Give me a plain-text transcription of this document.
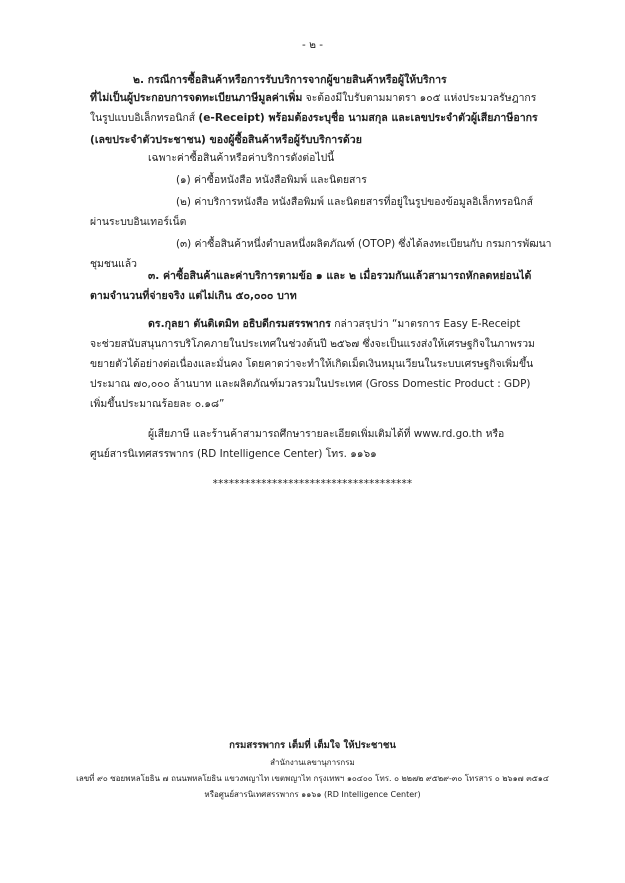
- ๒ -
๒. กรณีการซื้อสินค้าหรือการรับบริการจากผู้ขายสินค้าหรือผู้ให้บริการ
ที่ไม่เป็นผู้ประกอบการจดทะเบียนภาษีมูลค่าเพิ่ม จะต้องมีใบรับตามมาตรา ๑๐๕ แห่งประมวลรัษฎากร
ในรูปแบบอิเล็กทรอนิกส์ (e-Receipt) พร้อมต้องระบุชื่อ นามสกุล และเลขประจำตัวผู้เสียภาษีอากร
(เลขประจำตัวประชาชน) ของผู้ซื้อสินค้าหรือผู้รับบริการด้วย
เฉพาะค่าซื้อสินค้าหรือค่าบริการดังต่อไปนี้
(๑) ค่าซื้อหนังสือ หนังสือพิมพ์ และนิตยสาร
(๒) ค่าบริการหนังสือ หนังสือพิมพ์ และนิตยสารที่อยู่ในรูปของข้อมูลอิเล็กทรอนิกส์
ผ่านระบบอินเทอร์เน็ต
(๓) ค่าซื้อสินค้าหนึ่งตำบลหนึ่งผลิตภัณฑ์ (OTOP) ซึ่งได้ลงทะเบียนกับ กรมการพัฒนา
ชุมชนแล้ว
๓. ค่าซื้อสินค้าและค่าบริการตามข้อ ๑ และ ๒ เมื่อรวมกันแล้วสามารถหักลดหย่อนได้
ตามจำนวนที่จ่ายจริง แต่ไม่เกิน ๕๐,๐๐๐ บาท
ดร.กุลยา ตันติเตมิท อธิบดีกรมสรรพากร กล่าวสรุปว่า “มาตรการ Easy E-Receipt
จะช่วยสนับสนุนการบริโภคภายในประเทศในช่วงต้นปี ๒๕๖๗ ซึ่งจะเป็นแรงส่งให้เศรษฐกิจในภาพรวม
ขยายตัวได้อย่างต่อเนื่องและมั่นคง โดยคาดว่าจะทำให้เกิดเม็ดเงินหมุนเวียนในระบบเศรษฐกิจเพิ่มขึ้น
ประมาณ ๗๐,๐๐๐ ล้านบาท และผลิตภัณฑ์มวลรวมในประเทศ (Gross Domestic Product : GDP)
เพิ่มขึ้นประมาณร้อยละ ๐.๑๘”
ผู้เสียภาษี และร้านค้าสามารถศึกษารายละเอียดเพิ่มเติมได้ที่ www.rd.go.th หรือ
ศูนย์สารนิเทศสรรพากร (RD Intelligence Center) โทร. ๑๑๖๑
*************************************
กรมสรรพากร เต็มที่ เต็มใจ ให้ประชาชน
สำนักงานเลขานุการกรม
เลขที่ ๙๐ ซอยพหลโยธิน ๗ ถนนพหลโยธิน แขวงพญาไท เขตพญาไท กรุงเทพฯ ๑๐๔๐๐ โทร. ๐ ๒๒๗๒ ๙๕๒๙-๓๐ โทรสาร ๐ ๒๖๑๗ ๓๕๑๔
หรือศูนย์สารนิเทศสรรพากร ๑๑๖๑ (RD Intelligence Center)
